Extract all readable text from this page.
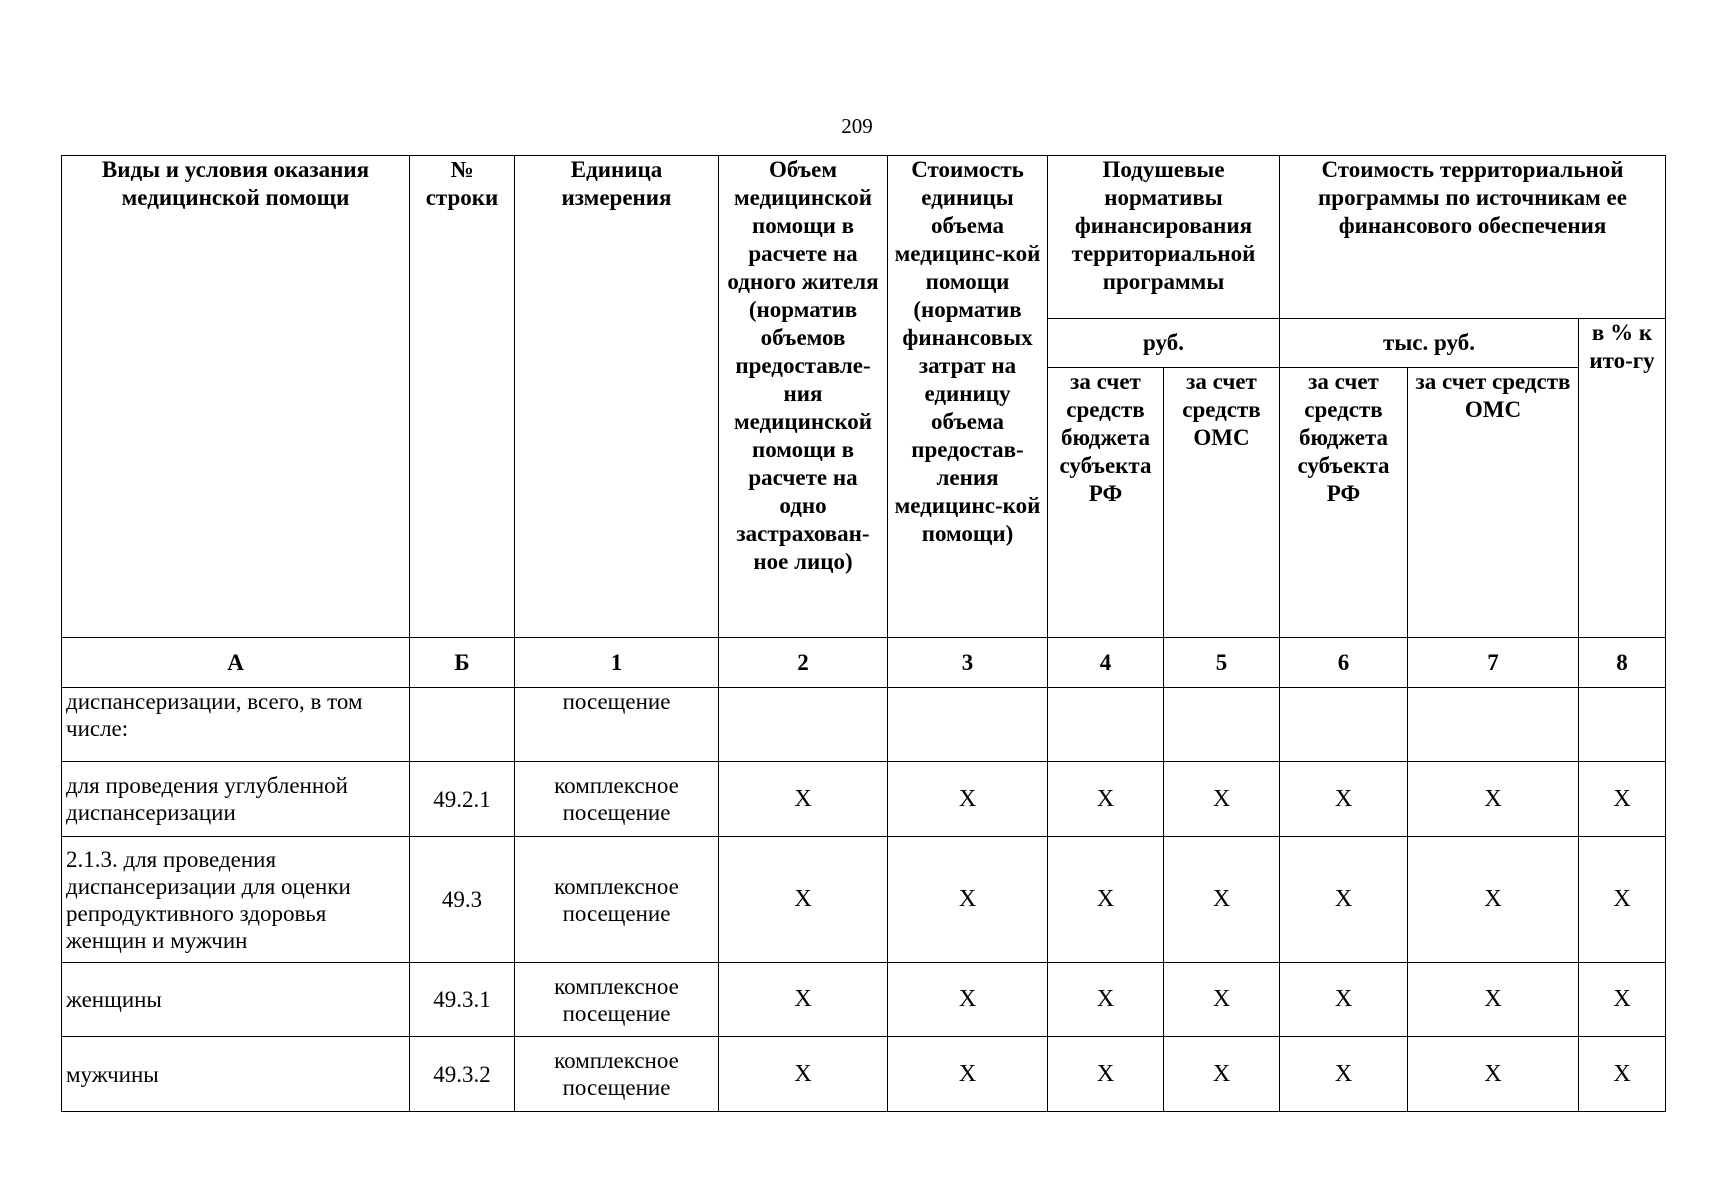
209
Виды и условия оказания медицинской помощи	№ строки	Единица измерения	Объем медицинской помощи в расчете на одного жителя (норматив объемов предоставле-ния медицинской помощи в расчете на одно застрахован-ное лицо)	Стоимость единицы объема медицинс-кой помощи (норматив финансовых затрат на единицу объема предостав-ления медицинс-кой помощи)	Подушевые нормативы финансирования территориальной программы		Стоимость территориальной программы по источникам ее финансового обеспечения		
					руб.		тыс. руб.		в % к ито-гу
					за счет средств бюджета субъекта РФ	за счет средств ОМС	за счет средств бюджета субъекта РФ	за счет средств ОМС	
А	Б	1	2	3	4	5	6	7	8
диспансеризации, всего, в том числе:		посещение							
для проведения углубленной диспансеризации	49.2.1	комплексное посещение	X	X	X	X	X	X	X
2.1.3. для проведения диспансеризации для оценки репродуктивного здоровья женщин и мужчин	49.3	комплексное посещение	X	X	X	X	X	X	X
женщины	49.3.1	комплексное посещение	X	X	X	X	X	X	X
мужчины	49.3.2	комплексное посещение	X	X	X	X	X	X	X
